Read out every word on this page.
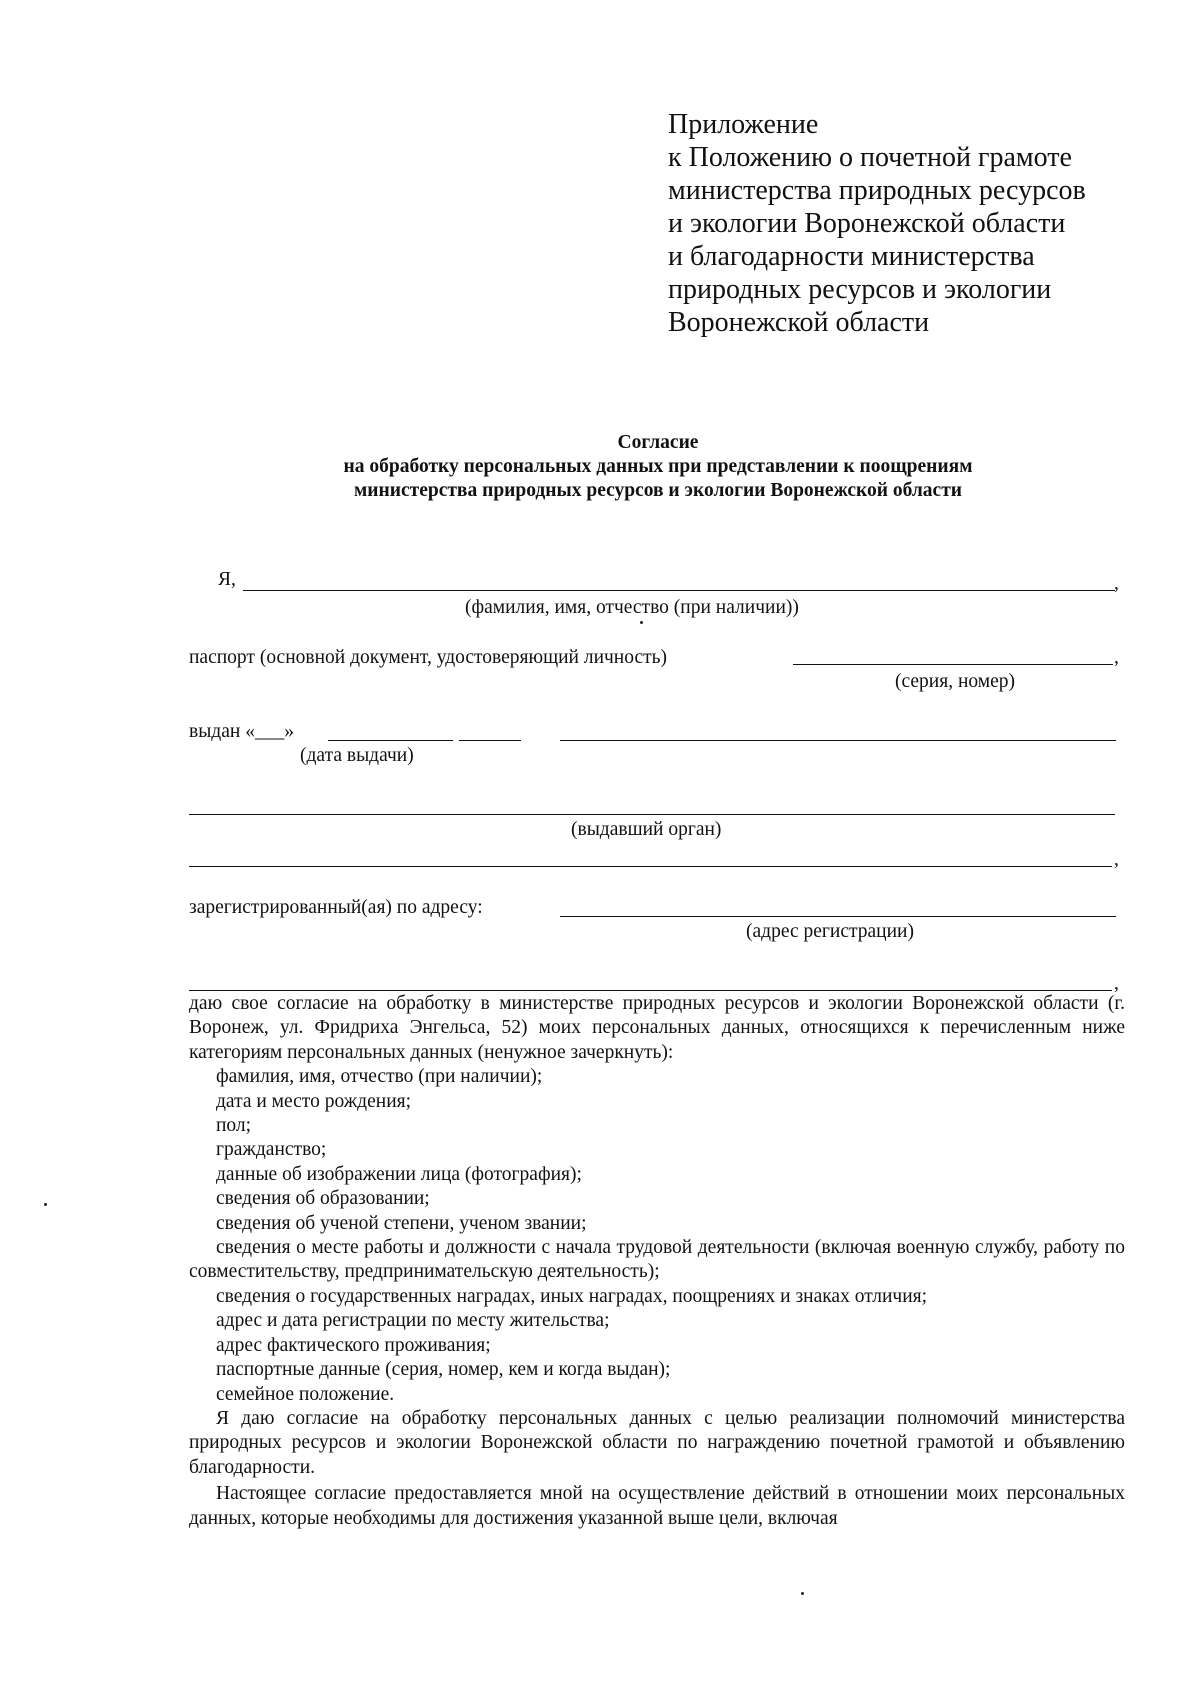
Приложение
к Положению о почетной грамоте
министерства природных ресурсов
и экологии Воронежской области
и благодарности министерства
природных ресурсов и экологии
Воронежской области
Согласие
на обработку персональных данных при представлении к поощрениям
министерства природных ресурсов и экологии Воронежской области
Я,	,
(фамилия, имя, отчество (при наличии))
паспорт (основной документ, удостоверяющий личность)	,
(серия, номер)
выдан «___»
(дата выдачи)
(выдавший орган)
,
зарегистрированный(ая) по адресу:
(адрес регистрации)
,

даю свое согласие на обработку в министерстве природных ресурсов и экологии Воронежской области (г. Воронеж, ул. Фридриха Энгельса, 52) моих персональных данных, относящихся к перечисленным ниже категориям персональных данных (ненужное зачеркнуть):

фамилия, имя, отчество (при наличии);

дата и место рождения;

пол;

гражданство;

данные об изображении лица (фотография);

сведения об образовании;

сведения об ученой степени, ученом звании;

сведения о месте работы и должности с начала трудовой деятельности (включая военную службу, работу по совместительству, предпринимательскую деятельность);

сведения о государственных наградах, иных наградах, поощрениях и знаках отличия;

адрес и дата регистрации по месту жительства;

адрес фактического проживания;

паспортные данные (серия, номер, кем и когда выдан);

семейное положение.

Я даю согласие на обработку персональных данных с целью реализации полномочий министерства природных ресурсов и экологии Воронежской области по награждению почетной грамотой и объявлению благодарности.

Настоящее согласие предоставляется мной на осуществление действий в отношении моих персональных данных, которые необходимы для достижения указанной выше цели, включая
